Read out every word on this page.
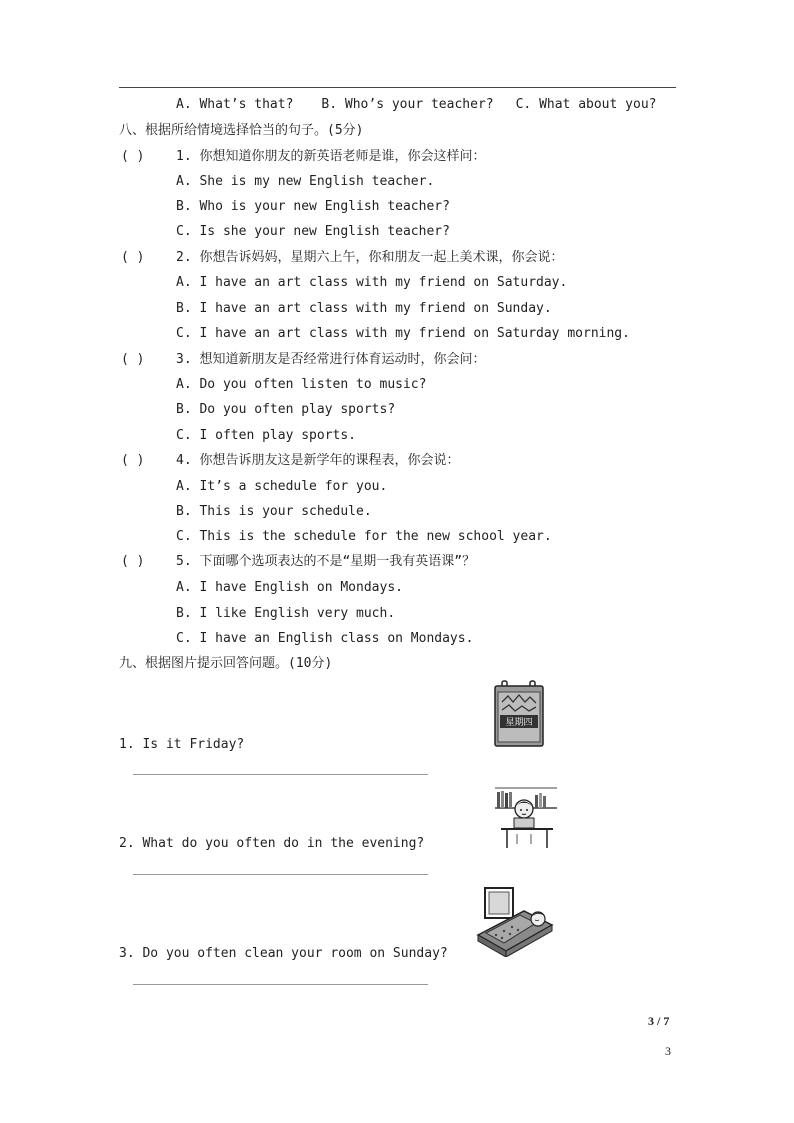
A. What’s that? B. Who’s your teacher? C. What about you?
八、根据所给情境选择恰当的句子。(5分)
( ) 1. 你想知道你朋友的新英语老师是谁，你会这样问：
A. She is my new English teacher.
B. Who is your new English teacher?
C. Is she your new English teacher?
( ) 2. 你想告诉妈妈，星期六上午，你和朋友一起上美术课，你会说：
A. I have an art class with my friend on Saturday.
B. I have an art class with my friend on Sunday.
C. I have an art class with my friend on Saturday morning.
( ) 3. 想知道新朋友是否经常进行体育运动时，你会问：
A. Do you often listen to music?
B. Do you often play sports?
C. I often play sports.
( ) 4. 你想告诉朋友这是新学年的课程表，你会说：
A. It’s a schedule for you.
B. This is your schedule.
C. This is the schedule for the new school year.
( ) 5. 下面哪个选项表达的不是“星期一我有英语课”？
A. I have English on Mondays.
B. I like English very much.
C. I have an English class on Mondays.
九、根据图片提示回答问题。(10分)
星期四
1. Is it Friday?
2. What do you often do in the evening?
3. Do you often clean your room on Sunday?
3 / 7
3
